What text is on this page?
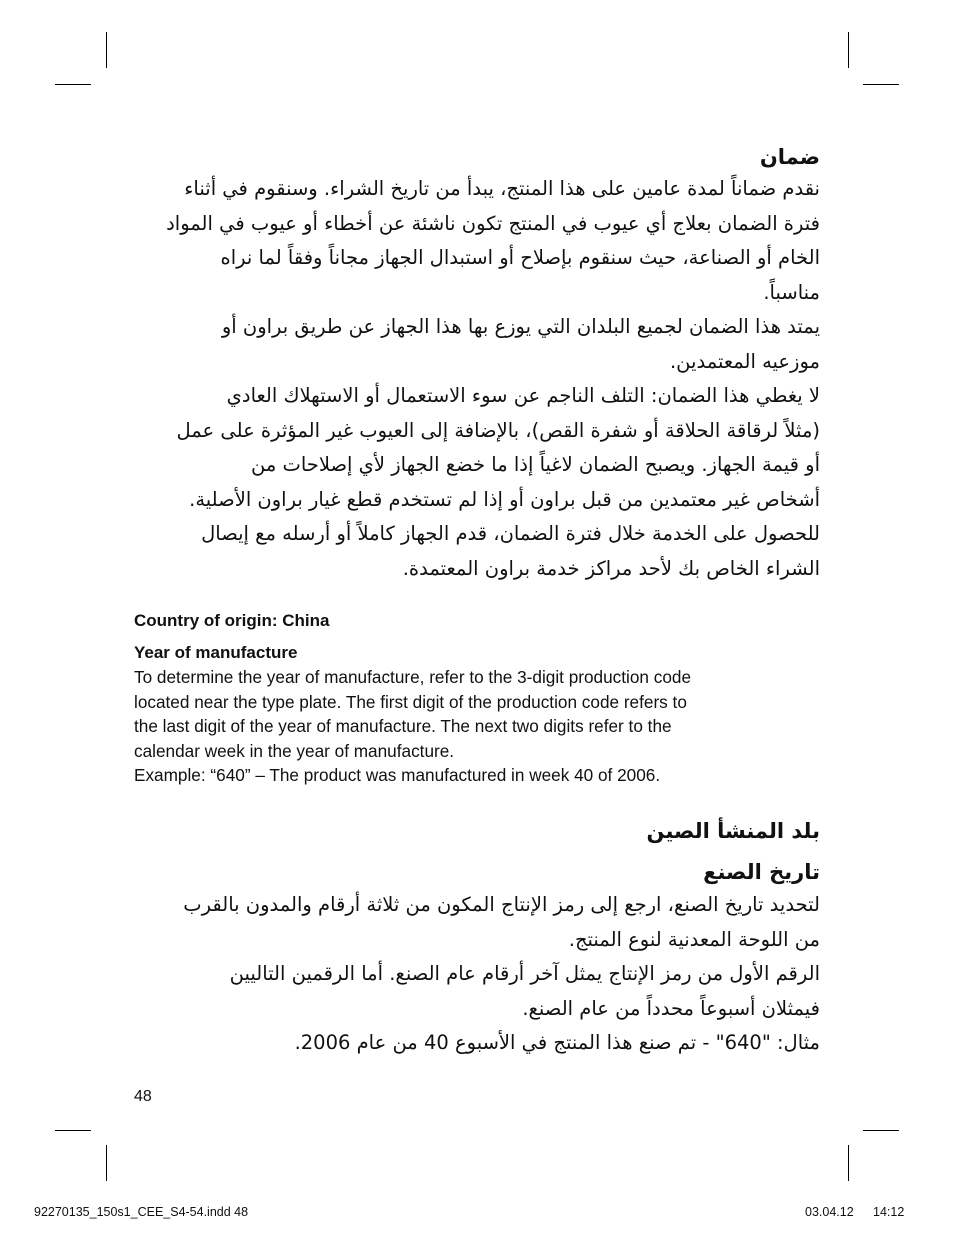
ضمان

نقدم ضماناً لمدة عامين على هذا المنتج، يبدأ من تاريخ الشراء. وسنقوم في أثناء

فترة الضمان بعلاج أي عيوب في المنتج تكون ناشئة عن أخطاء أو عيوب في المواد

الخام أو الصناعة، حيث سنقوم بإصلاح أو استبدال الجهاز مجاناً وفقاً لما نراه

مناسباً.

يمتد هذا الضمان لجميع البلدان التي يوزع بها هذا الجهاز عن طريق براون أو

موزعيه المعتمدين.

لا يغطي هذا الضمان: التلف الناجم عن سوء الاستعمال أو الاستهلاك العادي

(مثلاً لرقاقة الحلاقة أو شفرة القص)، بالإضافة إلى العيوب غير المؤثرة على عمل

أو قيمة الجهاز. ويصبح الضمان لاغياً إذا ما خضع الجهاز لأي إصلاحات من

أشخاص غير معتمدين من قبل براون أو إذا لم تستخدم قطع غيار براون الأصلية.

للحصول على الخدمة خلال فترة الضمان، قدم الجهاز كاملاً أو أرسله مع إيصال

الشراء الخاص بك لأحد مراكز خدمة براون المعتمدة.

Country of origin: China
Year of manufacture

To determine the year of manufacture, refer to the 3-digit production code

located near the type plate. The first digit of the production code refers to

the last digit of the year of manufacture. The next two digits refer to the

calendar week in the year of manufacture.

Example: “640” – The product was manufactured in week 40 of 2006.

بلد المنشأ الصين
تاريخ الصنع

لتحديد تاريخ الصنع، ارجع إلى رمز الإنتاج المكون من ثلاثة أرقام والمدون بالقرب

من اللوحة المعدنية لنوع المنتج.

الرقم الأول من رمز الإنتاج يمثل آخر أرقام عام الصنع. أما الرقمين التاليين

فيمثلان أسبوعاً محدداً من عام الصنع.

مثال: "640" - تم صنع هذا المنتج في الأسبوع 40 من عام 2006.

48
92270135_150s1_CEE_S4-54.indd 48	03.04.12 14:12
